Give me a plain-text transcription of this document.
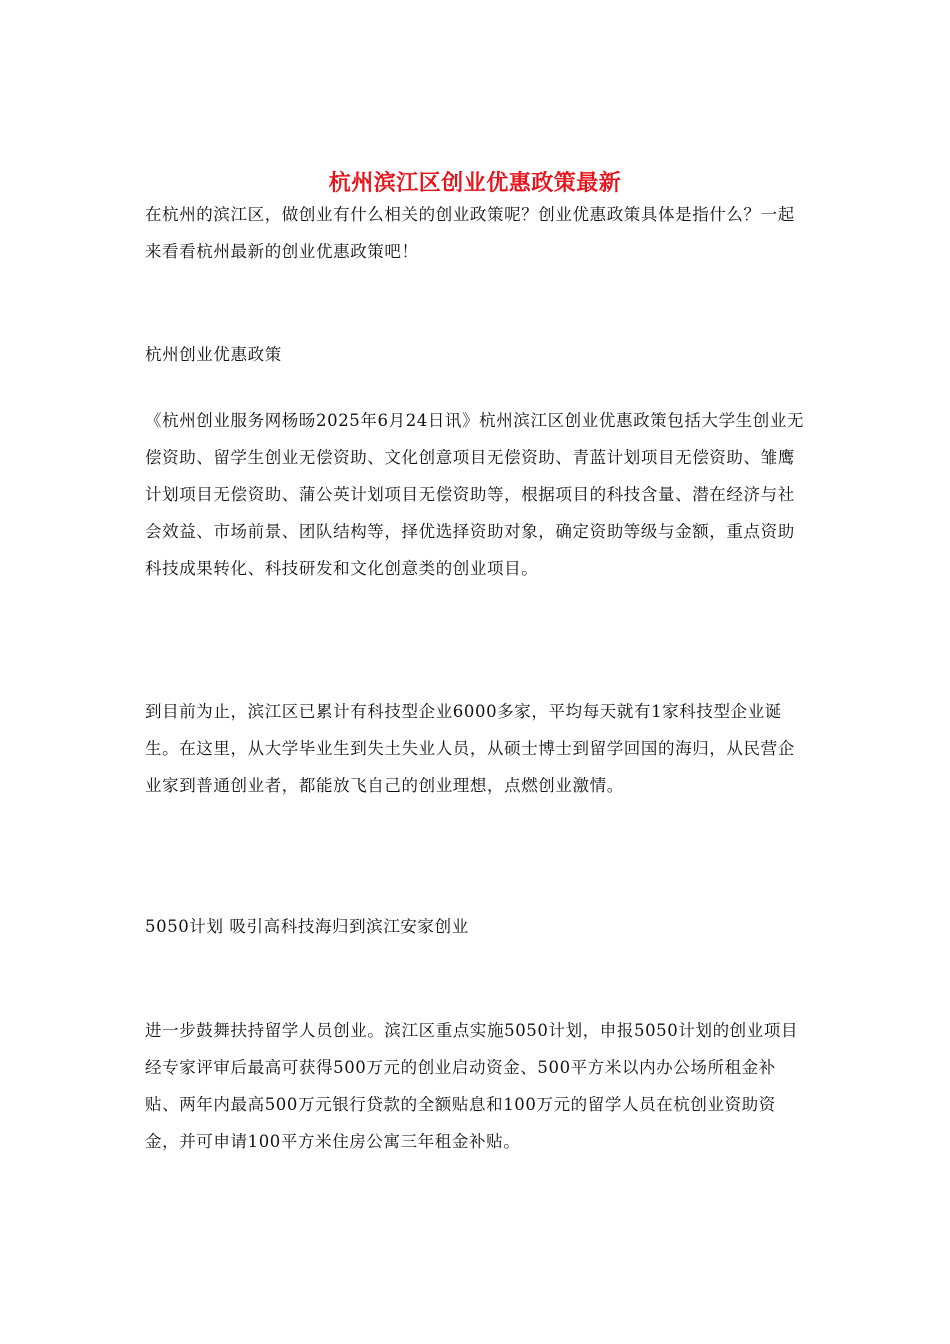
杭州滨江区创业优惠政策最新

在杭州的滨江区，做创业有什么相关的创业政策呢？创业优惠政策具体是指什么？一起来看看杭州最新的创业优惠政策吧！

杭州创业优惠政策

《杭州创业服务网杨旸2025年6月24日讯》杭州滨江区创业优惠政策包括大学生创业无偿资助、留学生创业无偿资助、文化创意项目无偿资助、青蓝计划项目无偿资助、雏鹰计划项目无偿资助、蒲公英计划项目无偿资助等，根据项目的科技含量、潜在经济与社会效益、市场前景、团队结构等，择优选择资助对象，确定资助等级与金额，重点资助科技成果转化、科技研发和文化创意类的创业项目。

到目前为止，滨江区已累计有科技型企业6000多家，平均每天就有1家科技型企业诞生。在这里，从大学毕业生到失土失业人员，从硕士博士到留学回国的海归，从民营企业家到普通创业者，都能放飞自己的创业理想，点燃创业激情。

5050计划 吸引高科技海归到滨江安家创业

进一步鼓舞扶持留学人员创业。滨江区重点实施5050计划，申报5050计划的创业项目经专家评审后最高可获得500万元的创业启动资金、500平方米以内办公场所租金补贴、两年内最高500万元银行贷款的全额贴息和100万元的留学人员在杭创业资助资金，并可申请100平方米住房公寓三年租金补贴。
